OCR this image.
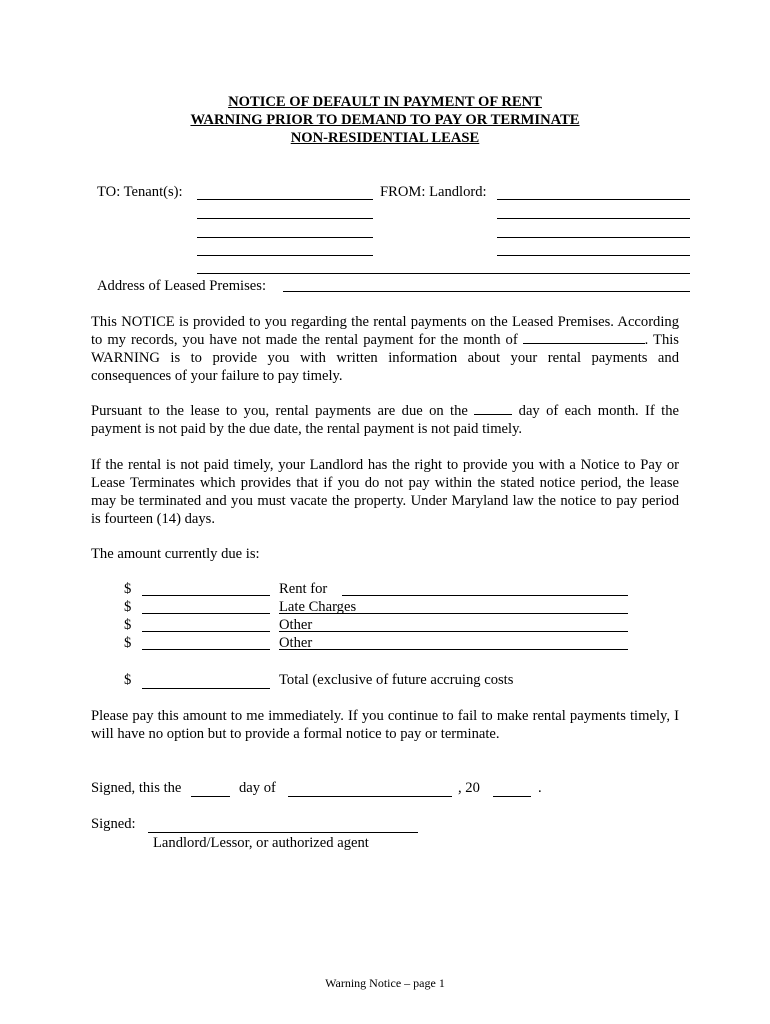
NOTICE OF DEFAULT IN PAYMENT OF RENT
WARNING PRIOR TO DEMAND TO PAY OR TERMINATE
NON-RESIDENTIAL LEASE
TO: Tenant(s):	FROM: Landlord:
Address of Leased Premises:
This NOTICE is provided to you regarding the rental payments on the Leased Premises. According to my records, you have not made the rental payment for the month of	. This WARNING is to provide you with written information about your rental payments and consequences of your failure to pay timely.
Pursuant to the lease to you, rental payments are due on the	day of each month. If the payment is not paid by the due date, the rental payment is not paid timely.
If the rental is not paid timely, your Landlord has the right to provide you with a Notice to Pay or Lease Terminates which provides that if you do not pay within the stated notice period, the lease may be terminated and you must vacate the property. Under Maryland law the notice to pay period is fourteen (14) days.
The amount currently due is:
$	Rent for
$	Late Charges
$	Other
$	Other
$	Total (exclusive of future accruing costs
Please pay this amount to me immediately. If you continue to fail to make rental payments timely, I will have no option but to provide a formal notice to pay or terminate.
Signed, this the	day of	, 20	.
Signed:
Landlord/Lessor, or authorized agent
Warning Notice – page 1
